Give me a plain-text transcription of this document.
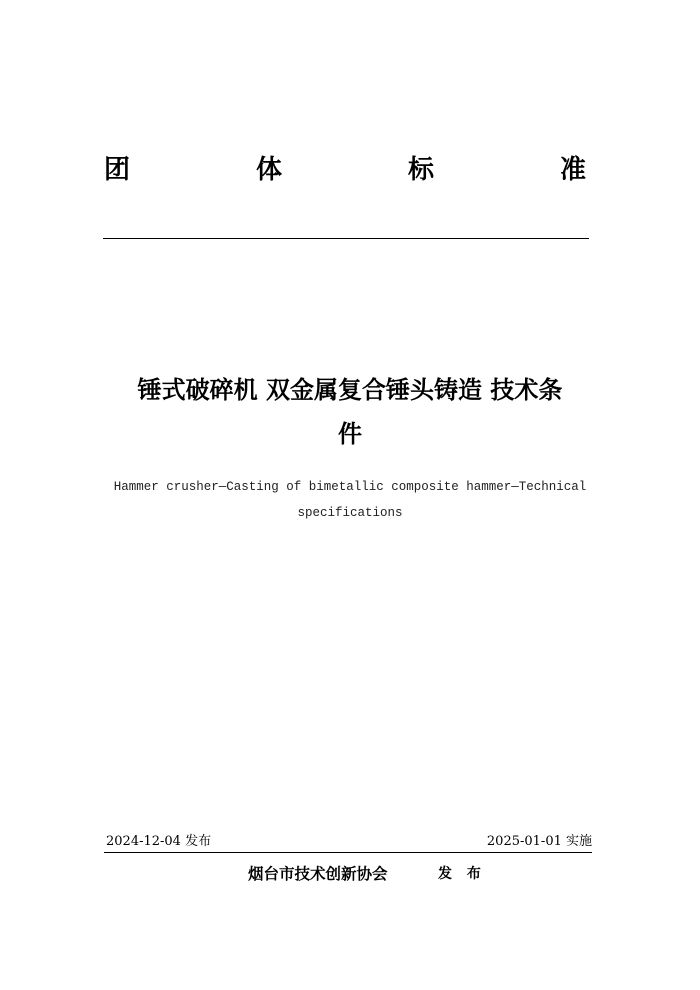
团	体	标	准
锤式破碎机 双金属复合锤头铸造 技术条
件
Hammer crusher—Casting of bimetallic composite hammer—Technical
specifications
2024-12-04 发布	2025-01-01 实施
烟台市技术创新协会	发 布
